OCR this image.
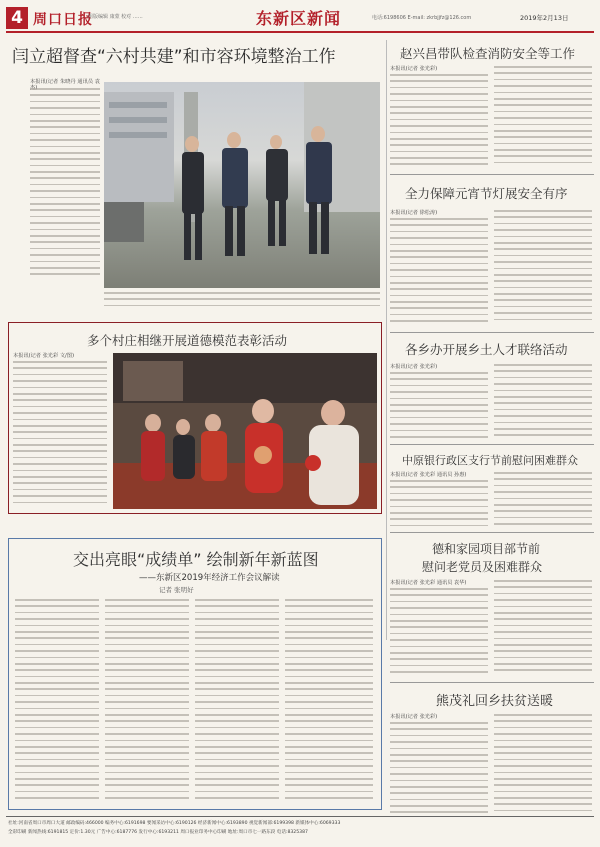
4 周口日报
组版编辑 康蒙 校对 ……	东新区新闻	电话:6198606 E-mail: zkrbjjfz@126.com	2019年2月13日
闫立超督查“六村共建”和市容环境整治工作
本报讯(记者 朱晓丹 通讯员 袁
赵兴昌带队检查消防安全等工作
本报讯(记者 张光彩)
全力保障元宵节灯展安全有序
本报讯(记者 徐松涛)
各乡办开展乡土人才联络活动
本报讯(记者 张光彩)
中原银行政区支行节前慰问困难群众
本报讯(记者 张光彩 通讯员 孙惠)
德和家园项目部节前
慰问老党员及困难群众
本报讯(记者 张光彩 通讯员 袁华)
熊茂礼回乡扶贫送暖
本报讯(记者 张光彩)
多个村庄相继开展道德模范表彰活动
本报讯(记者 张光彩 文/图)
交出亮眼“成绩单” 绘制新年新蓝图
——东新区2019年经济工作会议解读
记者 张明好
社址:河南省周口市周口大道 邮政编码:466000 编务中心:6191698 要闻采访中心:6190126 经济新闻中心:6193890 视觉新闻部:6199398 新媒体中心:6069333
全彩印刷 新闻热线:6191815 定价:1.30元 广告中心:6187776 发行中心:6193211 周口报业印务中心印刷 地址:周口市七一路东段 电话:8325387
